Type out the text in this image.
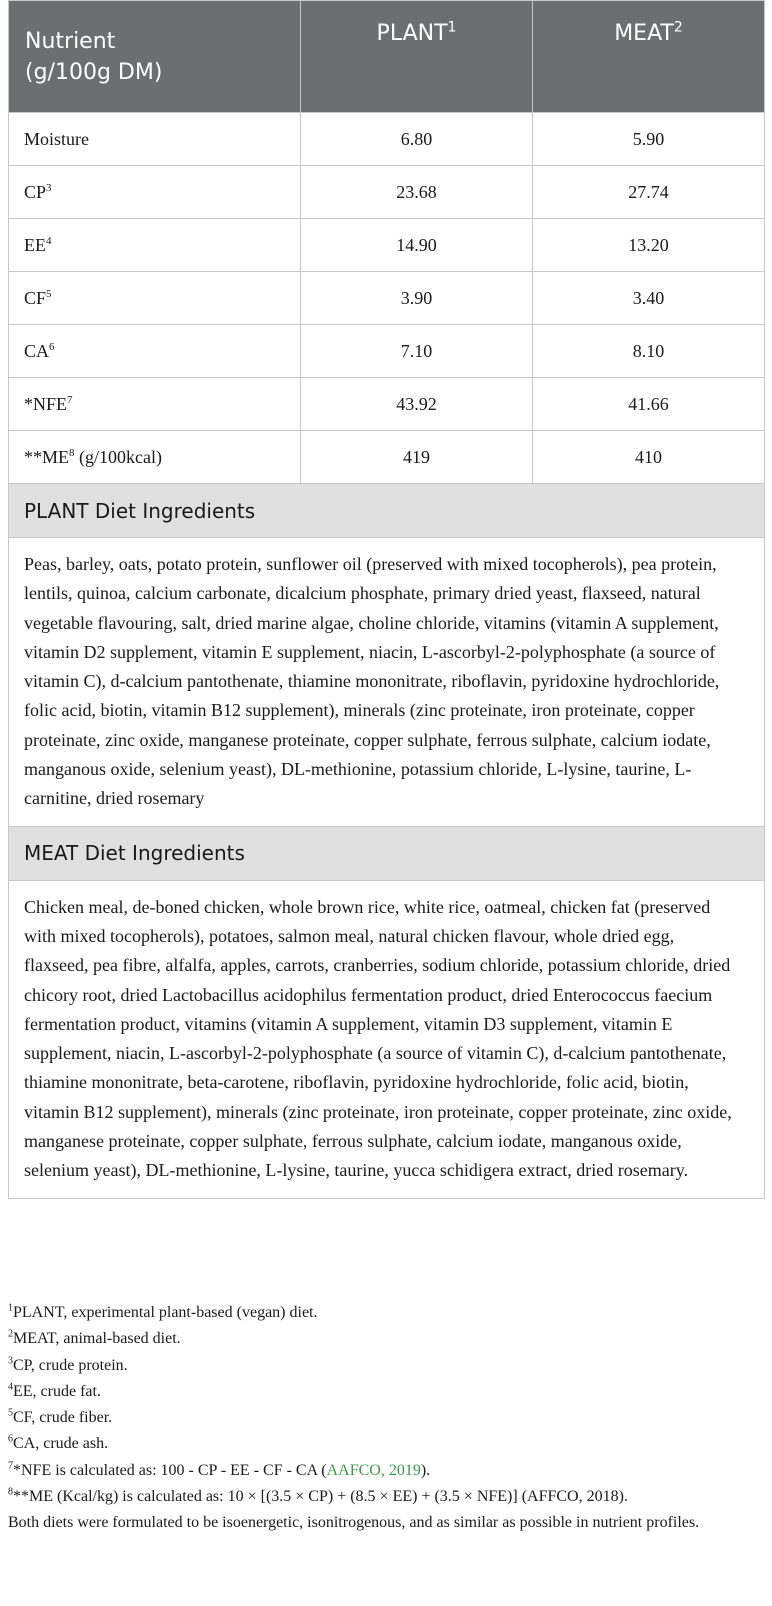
Nutrient
(g/100g DM)	PLANT$^1$	MEAT$^2$
Moisture	6.80	5.90
$CP^3$	23.68	27.74
$EE^4$	14.90	13.20
$CF^5$	3.90	3.40
$CA^6$	7.10	8.10
*NFE$^7$	43.92	41.66
$**ME^8$ (g/100kcal)	419	410
PLANT Diet Ingredients		
Peas, barley, oats, potato protein, sunflower oil (preserved with mixed tocopherols), pea protein, lentils, quinoa, calcium carbonate, dicalcium phosphate, primary dried yeast, flaxseed, natural vegetable flavouring, salt, dried marine algae, choline chloride, vitamins (vitamin A supplement, vitamin D2 supplement, vitamin E supplement, niacin, L-ascorbyl-2-polyphosphate (a source of vitamin C), d-calcium pantothenate, thiamine mononitrate, riboflavin, pyridoxine hydrochloride, folic acid, biotin, vitamin B12 supplement), minerals (zinc proteinate, iron proteinate, copper proteinate, zinc oxide, manganese proteinate, copper sulphate, ferrous sulphate, calcium iodate, manganous oxide, selenium yeast), DL-methionine, potassium chloride, L-lysine, taurine, L-carnitine, dried rosemary		
MEAT Diet Ingredients		
Chicken meal, de-boned chicken, whole brown rice, white rice, oatmeal, chicken fat (preserved with mixed tocopherols), potatoes, salmon meal, natural chicken flavour, whole dried egg, flaxseed, pea fibre, alfalfa, apples, carrots, cranberries, sodium chloride, potassium chloride, dried chicory root, dried Lactobacillus acidophilus fermentation product, dried Enterococcus faecium fermentation product, vitamins (vitamin A supplement, vitamin D3 supplement, vitamin E supplement, niacin, L-ascorbyl-2-polyphosphate (a source of vitamin C), d-calcium pantothenate, thiamine mononitrate, beta-carotene, riboflavin, pyridoxine hydrochloride, folic acid, biotin, vitamin B12 supplement), minerals (zinc proteinate, iron proteinate, copper proteinate, zinc oxide, manganese proteinate, copper sulphate, ferrous sulphate, calcium iodate, manganous oxide, selenium yeast), DL-methionine, L-lysine, taurine, yucca schidigera extract, dried rosemary.		
$^1$PLANT, experimental plant-based (vegan) diet.
$^2$MEAT, animal-based diet.
$^3$CP, crude protein.
$^4$EE, crude fat.
$^5$CF, crude fiber.
$^6$CA, crude ash.
$^7$*NFE is calculated as: 100 - CP - EE - CF - CA (AAFCO, 2019).
$^8$**ME (Kcal/kg) is calculated as: 10 × [(3.5 × CP) + (8.5 × EE) + (3.5 × NFE)] (AFFCO, 2018).
Both diets were formulated to be isoenergetic, isonitrogenous, and as similar as possible in nutrient profiles.
